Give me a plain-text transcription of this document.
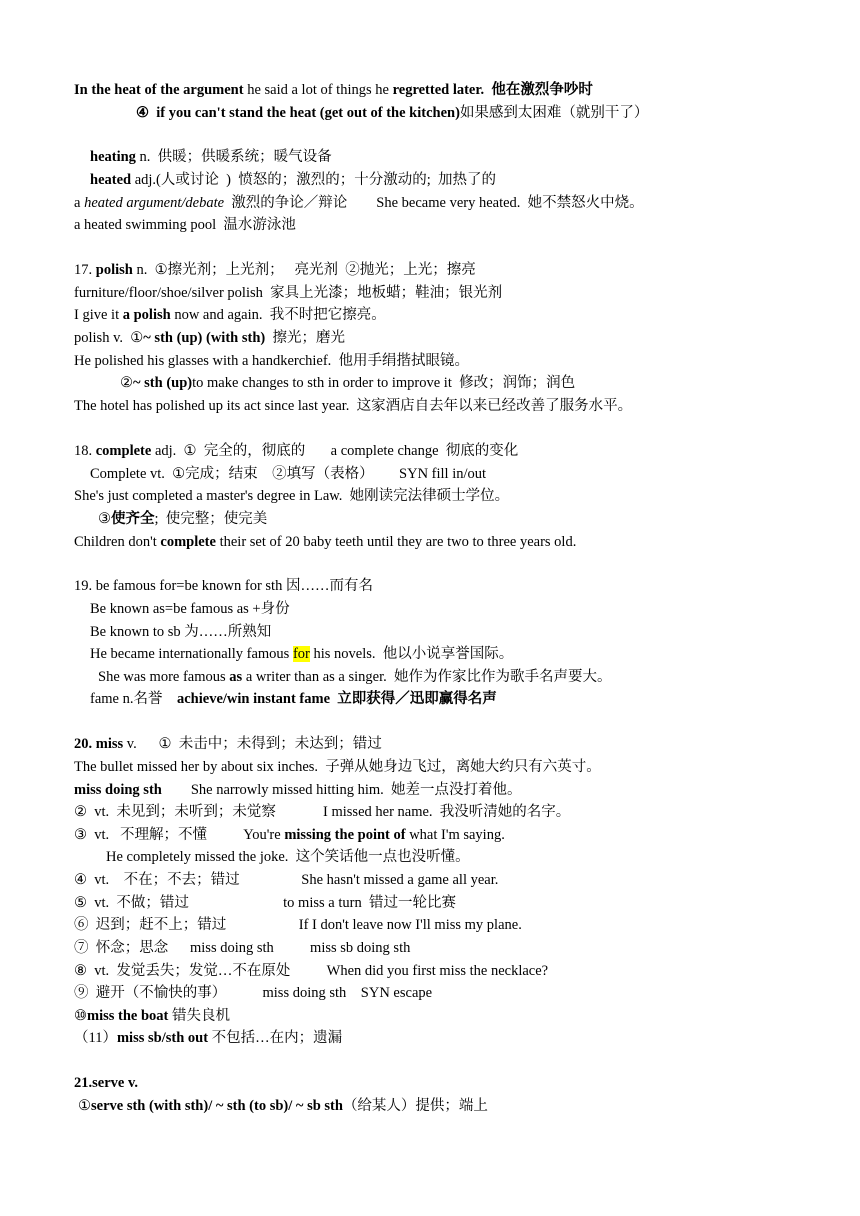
In the heat of the argument he said a lot of things he regretted later.  他在激烈争吵时
④  if you can't stand the heat (get out of the kitchen)如果感到太困难（就别干了）
heating n.  供暖；供暖系统；暖气设备
heated adj.(人或讨论  )  愤怒的；激烈的；十分激动的;  加热了的
a heated argument/debate  激烈的争论／辩论        She became very heated.  她不禁怒火中烧。
a heated swimming pool  温水游泳池
17. polish n.  ①擦光剂；上光剂；   亮光剂  ②抛光；上光；擦亮
furniture/floor/shoe/silver polish  家具上光漆；地板蜡；鞋油；银光剂
I give it a polish now and again.  我不时把它擦亮。
polish v.  ①~ sth (up) (with sth)  擦光；磨光
He polished his glasses with a handkerchief.  他用手绢揩拭眼镜。
②~ sth (up)to make changes to sth in order to improve it  修改；润饰；润色
The hotel has polished up its act since last year.  这家酒店自去年以来已经改善了服务水平。
18. complete adj.  ①  完全的，彻底的       a complete change  彻底的变化
Complete vt.  ①完成；结束    ②填写（表格）       SYN fill in/out
She's just completed a master's degree in Law.  她刚读完法律硕士学位。
③使齐全;  使完整；使完美
Children don't complete their set of 20 baby teeth until they are two to three years old.
19. be famous for=be known for sth 因……而有名
Be known as=be famous as +身份
Be known to sb 为……所熟知
He became internationally famous for his novels.  他以小说享誉国际。
She was more famous as a writer than as a singer.  她作为作家比作为歌手名声要大。
fame n.名誉    achieve/win instant fame  立即获得／迅即赢得名声
20. miss v.      ①  未击中；未得到；未达到；错过
The bullet missed her by about six inches.  子弹从她身边飞过，离她大约只有六英寸。
miss doing sth        She narrowly missed hitting him.  她差一点没打着他。
②  vt.  未见到；未听到；未觉察             I missed her name.  我没听清她的名字。
③  vt.   不理解；不懂          You're missing the point of what I'm saying.
He completely missed the joke.  这个笑话他一点也没听懂。
④  vt.    不在；不去；错过                 She hasn't missed a game all year.
⑤  vt.  不做；错过                          to miss a turn  错过一轮比赛
⑥  迟到；赶不上；错过                    If I don't leave now I'll miss my plane.
⑦  怀念；思念      miss doing sth          miss sb doing sth
⑧  vt.  发觉丢失；发觉…不在原处          When did you first miss the necklace?
⑨  避开（不愉快的事）          miss doing sth    SYN escape
⑩miss the boat 错失良机
（11）miss sb/sth out 不包括…在内；遗漏
21.serve v.
①serve sth (with sth)/ ~ sth (to sb)/ ~ sb sth（给某人）提供；端上
